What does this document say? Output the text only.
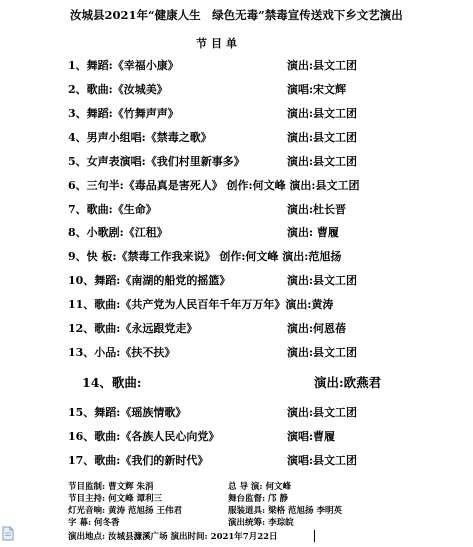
汝城县2021年“健康人生　绿色无毒”禁毒宣传送戏下乡文艺演出
节目单
1、舞蹈:《幸福小康》	演出:县文工团
2、歌曲:《汝城美》	演唱:宋文辉
3、舞蹈:《竹舞声声》	演出:县文工团
4、男声小组唱:《禁毒之歌》	演出:县文工团
5、女声表演唱:《我们村里新事多》	演出:县文工团
6、三句半:《毒品真是害死人》 创作:何文峰 演出:县文工团
7、歌曲:《生命》	演出:杜长晋
8、小歌剧:《江租》	演出: 曹履
9、快 板:《禁毒工作我来说》 创作:何文峰 演出:范旭扬
10、舞蹈:《南湖的船党的摇篮》	演出:县文工团
11、歌曲:《共产党为人民百年千年万万年》演出:黄涛
12、歌曲:《永远跟党走》	演出:何恩蓓
13、小品:《扶不扶》	演出:县文工团
14、歌曲:	演出:欧燕君
15、舞蹈:《瑶族情歌》	演出:县文工团
16、歌曲:《各族人民心向党》	演唱:曹履
17、歌曲:《我们的新时代》	演唱:县文工团
节目监制: 曹文辉 朱涓	总 导 演: 何文峰
节目主持: 何文峰 谭利三	舞台监督: 邝 静
灯光音响: 黄涛 范旭扬 王伟君	服装道具: 梁格 范旭扬 李明英
字 幕: 何冬香	演出统筹: 李琮皖
演出地点: 汝城县濂溪广场 演出时间: 2021年7月22日
